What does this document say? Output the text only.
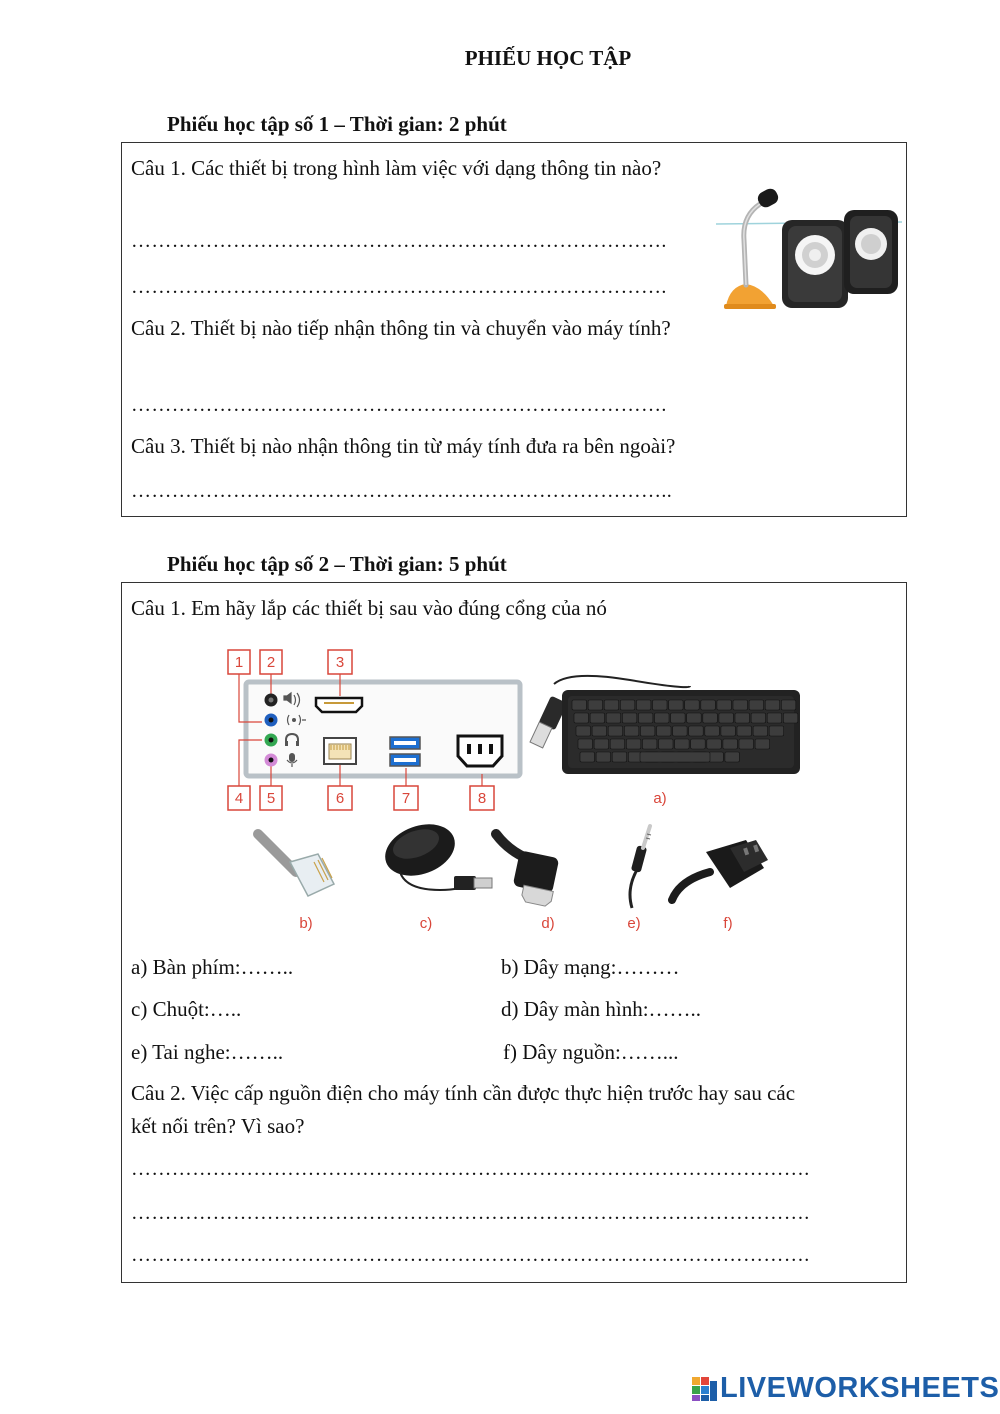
PHIẾU HỌC TẬP
Phiếu học tập số 1 – Thời gian: 2 phút
Câu 1. Các thiết bị trong hình làm việc với dạng thông tin nào?
…………………………………………………………………….
…………………………………………………………………….
Câu 2. Thiết bị nào tiếp nhận thông tin và chuyển vào máy tính?
…………………………………………………………………….
Câu 3. Thiết bị nào nhận thông tin từ máy tính đưa ra bên ngoài?
……………………………………………………………………..
Phiếu học tập số 2 – Thời gian: 5 phút
Câu 1. Em hãy lắp các thiết bị sau vào đúng cổng của nó
1 2	3
4 5	6	7	8	a)
b)	c)	d)	e)	f)
a) Bàn phím:……..	b) Dây mạng:………
c) Chuột:…..	d) Dây màn hình:……..
e) Tai nghe:……..	f) Dây nguồn:……...
Câu 2. Việc cấp nguồn điện cho máy tính cần được thực hiện trước hay sau các
kết nối trên? Vì sao?
……………………………………………………………………………………….
……………………………………………………………………………………….
……………………………………………………………………………………….
LIVEWORKSHEETS
